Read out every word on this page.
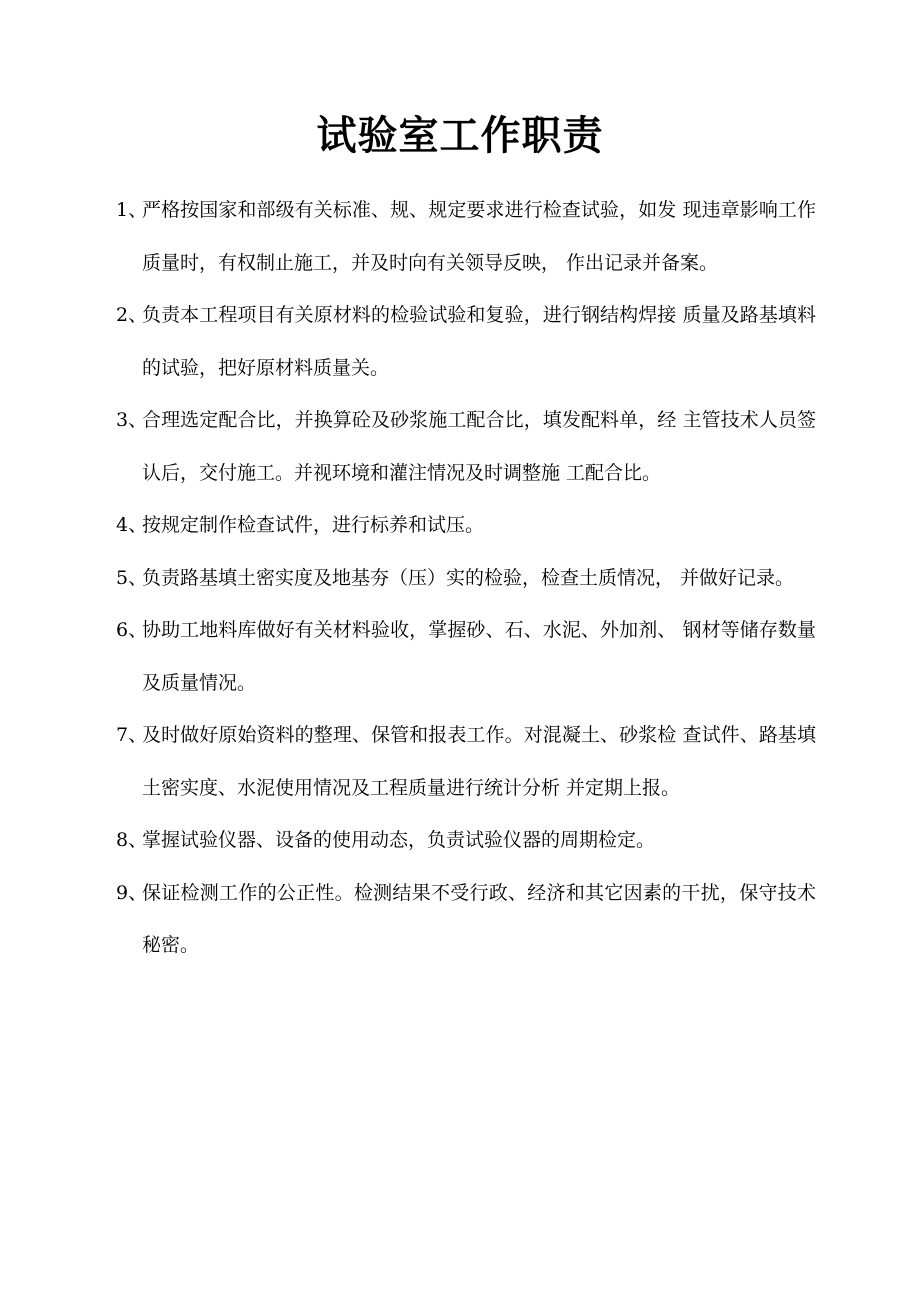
试验室工作职责
1、
严格按国家和部级有关标准、规、规定要求进行检查试验，如发 现违章影响工作质量时，有权制止施工，并及时向有关领导反映， 作出记录并备案。
2、
负责本工程项目有关原材料的检验试验和复验，进行钢结构焊接 质量及路基填料的试验，把好原材料质量关。
3、
合理选定配合比，并换算砼及砂浆施工配合比，填发配料单，经 主管技术人员签认后，交付施工。并视环境和灌注情况及时调整施 工配合比。
4、
按规定制作检查试件，进行标养和试压。
5、
负责路基填土密实度及地基夯（压）实的检验，检查土质情况， 并做好记录。
6、
协助工地料库做好有关材料验收，掌握砂、石、水泥、外加剂、 钢材等储存数量及质量情况。
7、
及时做好原始资料的整理、保管和报表工作。对混凝土、砂浆检 查试件、路基填土密实度、水泥使用情况及工程质量进行统计分析 并定期上报。
8、
掌握试验仪器、设备的使用动态，负责试验仪器的周期检定。
9、
保证检测工作的公正性。检测结果不受行政、经济和其它因素的干扰，保守技术秘密。
